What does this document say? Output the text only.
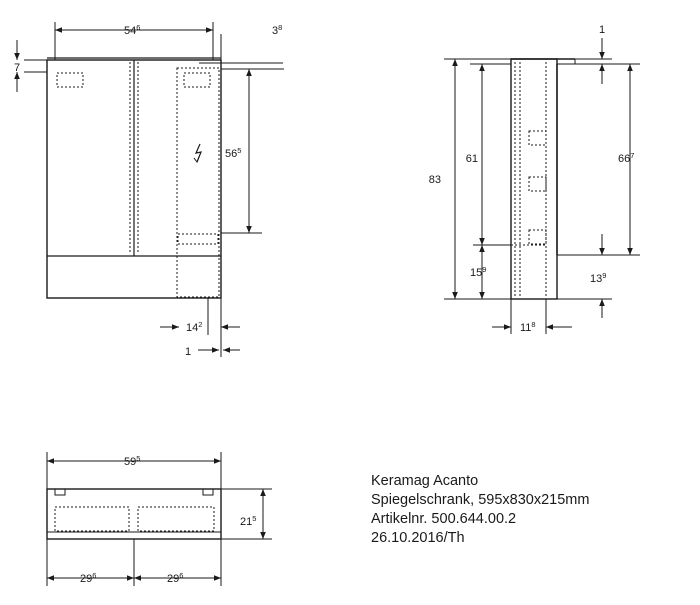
$54^6$	$3^8$
7
$56^5$
$14^2$
1
83
61
$15^9$
1
$66^7$
$13^9$
$11^8$
$59^5$
$21^5$
$29^6$	$29^6$
Keramag Acanto
Spiegelschrank, 595x830x215mm
Artikelnr. 500.644.00.2
26.10.2016/Th
